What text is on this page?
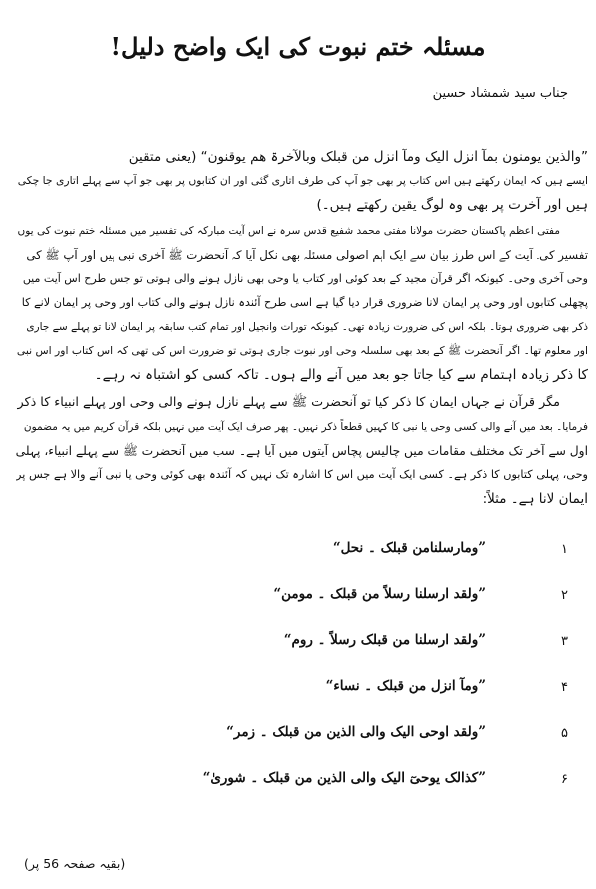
مسئلہ ختم نبوت کی ایک واضح دلیل!
جناب سید شمشاد حسین
”والذین یومنون بمآ انزل الیک ومآ انزل من قبلک وبالآخرۃ ھم یوقنون“ (یعنی متقین
ایسے ہیں کہ ایمان رکھتے ہیں اس کتاب پر بھی جو آپ کی طرف اتاری گئی اور ان کتابوں پر بھی جو آپ سے پہلے اتاری جا چکی
ہیں اور آخرت پر بھی وہ لوگ یقین رکھتے ہیں۔)
مفتی اعظم پاکستان حضرت مولانا مفتی محمد شفیع قدس سرہ نے اس آیت مبارکہ کی تفسیر میں مسئلہ ختم نبوت کی یوں
تفسیر کی۔ آیت کے اس طرز بیان سے ایک اہم اصولی مسئلہ بھی نکل آیا کہ آنحضرت ﷺ آخری نبی ہیں اور آپ ﷺ کی
وحی آخری وحی۔ کیونکہ اگر قرآن مجید کے بعد کوئی اور کتاب یا وحی بھی نازل ہونے والی ہوتی تو جس طرح اس آیت میں
پچھلی کتابوں اور وحی پر ایمان لانا ضروری قرار دیا گیا ہے اسی طرح آئندہ نازل ہونے والی کتاب اور وحی پر ایمان لانے کا
ذکر بھی ضروری ہوتا۔ بلکہ اس کی ضرورت زیادہ تھی۔ کیونکہ تورات وانجیل اور تمام کتب سابقہ پر ایمان لانا تو پہلے سے جاری
اور معلوم تھا۔ اگر آنحضرت ﷺ کے بعد بھی سلسلہ وحی اور نبوت جاری ہوتی تو ضرورت اس کی تھی کہ اس کتاب اور اس نبی
کا ذکر زیادہ اہتمام سے کیا جاتا جو بعد میں آنے والے ہوں۔ تاکہ کسی کو اشتباہ نہ رہے۔
مگر قرآن نے جہاں ایمان کا ذکر کیا تو آنحضرت ﷺ سے پہلے نازل ہونے والی وحی اور پہلے انبیاء کا ذکر
فرمایا۔ بعد میں آنے والی کسی وحی یا نبی کا کہیں قطعاً ذکر نہیں۔ پھر صرف ایک آیت میں نہیں بلکہ قرآن کریم میں یہ مضمون
اول سے آخر تک مختلف مقامات میں چالیس پچاس آیتوں میں آیا ہے۔ سب میں آنحضرت ﷺ سے پہلے انبیاء، پہلی
وحی، پہلی کتابوں کا ذکر ہے۔ کسی ایک آیت میں اس کا اشارہ تک نہیں کہ آئندہ بھی کوئی وحی یا نبی آنے والا ہے جس پر
ایمان لانا ہے۔ مثلاً:
۱
”ومارسلنامن قبلک ۔ نحل“
۲
”ولقد ارسلنا رسلاً من قبلک ۔ مومن“
۳
”ولقد ارسلنا من قبلک رسلاً ۔ روم“
۴
”ومآ انزل من قبلک ۔ نساء“
۵
”ولقد اوحی الیک والی الذین من قبلک ۔ زمر“
۶
”کذالک یوحیٓ الیک والی الذین من قبلک ۔ شوریٰ“
(بقیہ صفحہ 56 پر)
